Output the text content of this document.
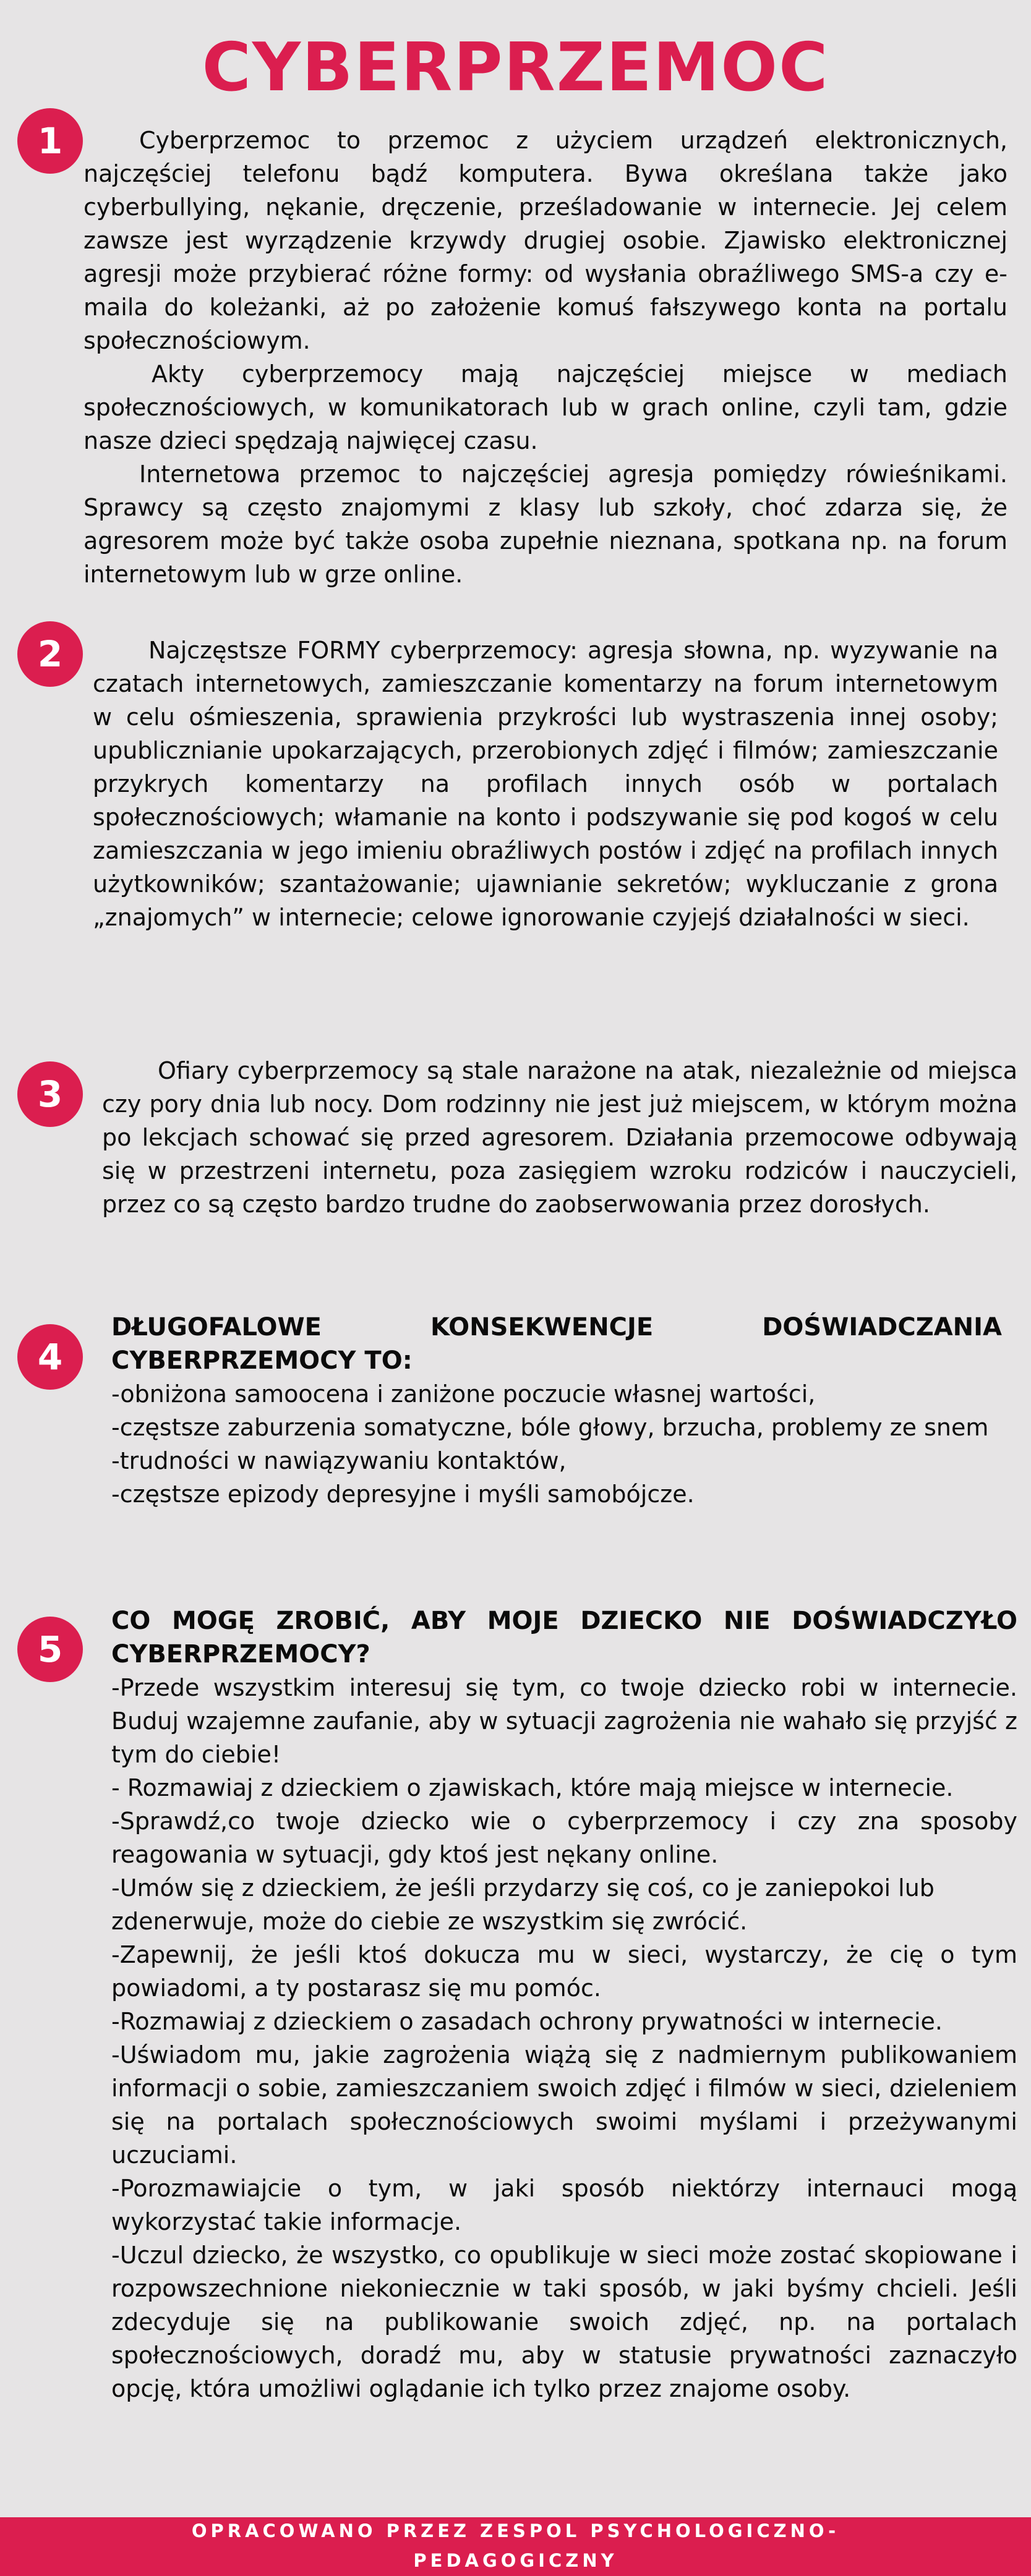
CYBERPRZEMOC
1	Cyberprzemoc to przemoc z użyciem urządzeń elektronicznych, najczęściej telefonu bądź komputera. Bywa określana także jako cyberbullying, nękanie, dręczenie, prześladowanie w internecie. Jej celem zawsze jest wyrządzenie krzywdy drugiej osobie. Zjawisko elektronicznej agresji może przybierać różne formy: od wysłania obraźliwego SMS-a czy e-maila do koleżanki, aż po założenie komuś fałszywego konta na portalu społecznościowym.

Akty cyberprzemocy mają najczęściej miejsce w mediach społecznościowych, w komunikatorach lub w grach online, czyli tam, gdzie nasze dzieci spędzają najwięcej czasu.

Internetowa przemoc to najczęściej agresja pomiędzy rówieśnikami. Sprawcy są często znajomymi z klasy lub szkoły, choć zdarza się, że agresorem może być także osoba zupełnie nieznana, spotkana np. na forum internetowym lub w grze online.

2	Najczęstsze FORMY cyberprzemocy: agresja słowna, np. wyzywanie na czatach internetowych, zamieszczanie komentarzy na forum internetowym w celu ośmieszenia, sprawienia przykrości lub wystraszenia innej osoby; upublicznianie upokarzających, przerobionych zdjęć i filmów; zamieszczanie przykrych komentarzy na profilach innych osób w portalach społecznościowych; włamanie na konto i podszywanie się pod kogoś w celu zamieszczania w jego imieniu obraźliwych postów i zdjęć na profilach innych użytkowników; szantażowanie; ujawnianie sekretów; wykluczanie z grona „znajomych” w internecie; celowe ignorowanie czyjejś działalności w sieci.

3

Ofiary cyberprzemocy są stale narażone na atak, niezależnie od miejsca czy pory dnia lub nocy. Dom rodzinny nie jest już miejscem, w którym można po lekcjach schować się przed agresorem. Działania przemocowe odbywają się w przestrzeni internetu, poza zasięgiem wzroku rodziców i nauczycieli, przez co są często bardzo trudne do zaobserwowania przez dorosłych.

4

DŁUGOFALOWE KONSEKWENCJE DOŚWIADCZANIA CYBERPRZEMOCY TO:

-obniżona samoocena i zaniżone poczucie własnej wartości,

-częstsze zaburzenia somatyczne, bóle głowy, brzucha, problemy ze snem

-trudności w nawiązywaniu kontaktów,

-częstsze epizody depresyjne i myśli samobójcze.

5

CO MOGĘ ZROBIĆ, ABY MOJE DZIECKO NIE DOŚWIADCZYŁO CYBERPRZEMOCY?

-Przede wszystkim interesuj się tym, co twoje dziecko robi w internecie. Buduj wzajemne zaufanie, aby w sytuacji zagrożenia nie wahało się przyjść z tym do ciebie!

- Rozmawiaj z dzieckiem o zjawiskach, które mają miejsce w internecie.

-Sprawdź,co twoje dziecko wie o cyberprzemocy i czy zna sposoby reagowania w sytuacji, gdy ktoś jest nękany online.

-Umów się z dzieckiem, że jeśli przydarzy się coś, co je zaniepokoi lub zdenerwuje, może do ciebie ze wszystkim się zwrócić.

-Zapewnij, że jeśli ktoś dokucza mu w sieci, wystarczy, że cię o tym powiadomi, a ty postarasz się mu pomóc.

-Rozmawiaj z dzieckiem o zasadach ochrony prywatności w internecie.

-Uświadom mu, jakie zagrożenia wiążą się z nadmiernym publikowaniem informacji o sobie, zamieszczaniem swoich zdjęć i filmów w sieci, dzieleniem się na portalach społecznościowych swoimi myślami i przeżywanymi uczuciami.

-Porozmawiajcie o tym, w jaki sposób niektórzy internauci mogą wykorzystać takie informacje.

-Uczul dziecko, że wszystko, co opublikuje w sieci może zostać skopiowane i rozpowszechnione niekoniecznie w taki sposób, w jaki byśmy chcieli. Jeśli zdecyduje się na publikowanie swoich zdjęć, np. na portalach społecznościowych, doradź mu, aby w statusie prywatności zaznaczyło opcję, która umożliwi oglądanie ich tylko przez znajome osoby.

OPRACOWANO PRZEZ ZESPOL PSYCHOLOGICZNO-PEDAGOGICZNY
